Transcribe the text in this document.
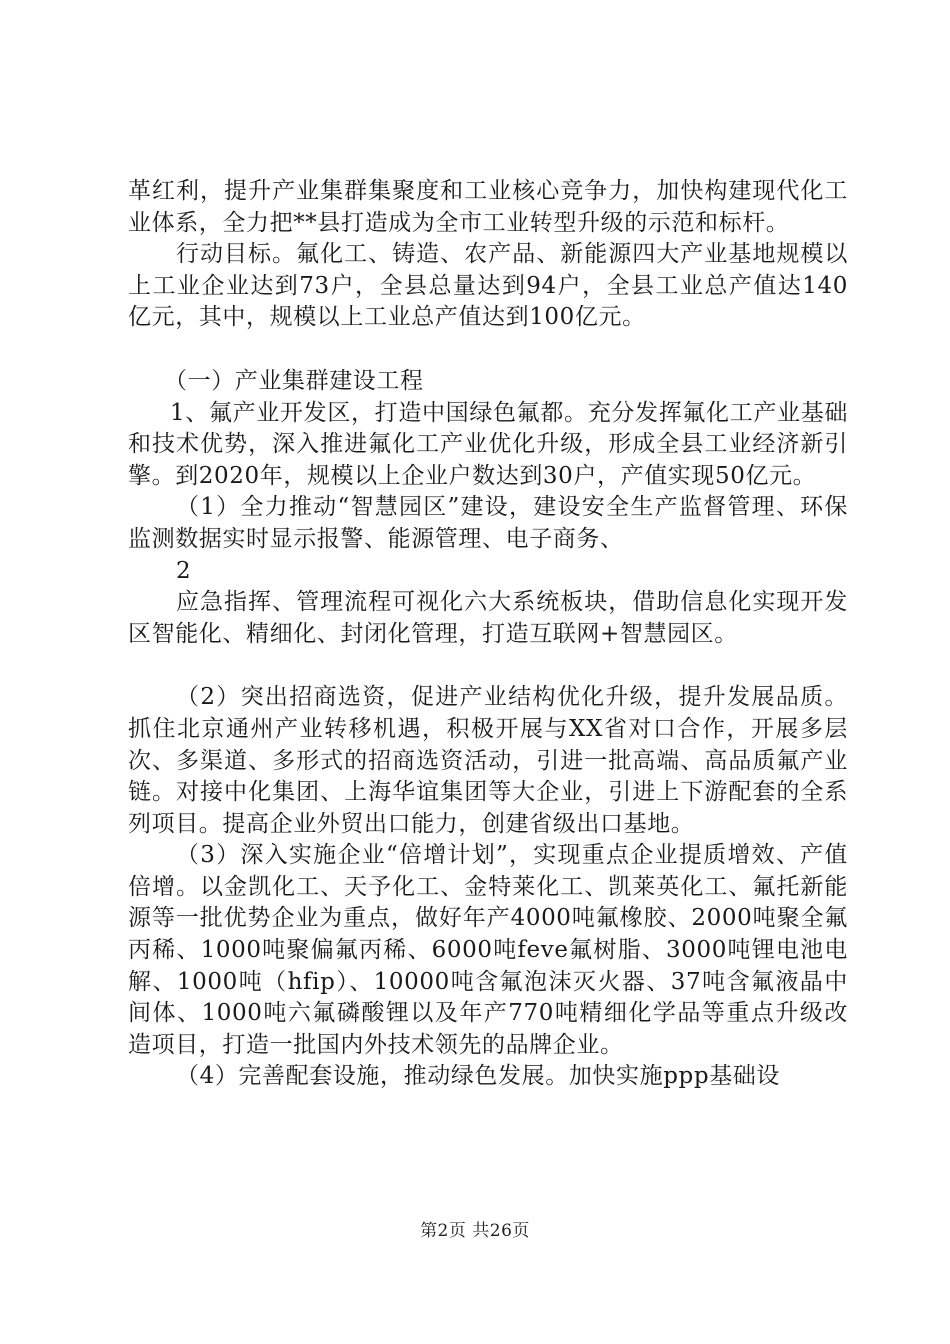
革红利，提升产业集群集聚度和工业核心竞争力，加快构建现代化工业体系，全力把**县打造成为全市工业转型升级的示范和标杆。

行动目标。氟化工、铸造、农产品、新能源四大产业基地规模以上工业企业达到73户，全县总量达到94户，全县工业总产值达140亿元，其中，规模以上工业总产值达到100亿元。

（一）产业集群建设工程

1、氟产业开发区，打造中国绿色氟都。充分发挥氟化工产业基础和技术优势，深入推进氟化工产业优化升级，形成全县工业经济新引擎。到2020年，规模以上企业户数达到30户，产值实现50亿元。

（1）全力推动“智慧园区”建设，建设安全生产监督管理、环保监测数据实时显示报警、能源管理、电子商务、

2

应急指挥、管理流程可视化六大系统板块，借助信息化实现开发区智能化、精细化、封闭化管理，打造互联网+智慧园区。

（2）突出招商选资，促进产业结构优化升级，提升发展品质。抓住北京通州产业转移机遇，积极开展与XX省对口合作，开展多层次、多渠道、多形式的招商选资活动，引进一批高端、高品质氟产业链。对接中化集团、上海华谊集团等大企业，引进上下游配套的全系列项目。提高企业外贸出口能力，创建省级出口基地。

（3）深入实施企业“倍增计划”，实现重点企业提质增效、产值倍增。以金凯化工、天予化工、金特莱化工、凯莱英化工、氟托新能源等一批优势企业为重点，做好年产4000吨氟橡胶、2000吨聚全氟丙稀、1000吨聚偏氟丙稀、6000吨feve氟树脂、3000吨锂电池电解、1000吨（hfip）、10000吨含氟泡沫灭火器、37吨含氟液晶中间体、1000吨六氟磷酸锂以及年产770吨精细化学品等重点升级改造项目，打造一批国内外技术领先的品牌企业。

（4）完善配套设施，推动绿色发展。加快实施ppp基础设

第2页 共26页
